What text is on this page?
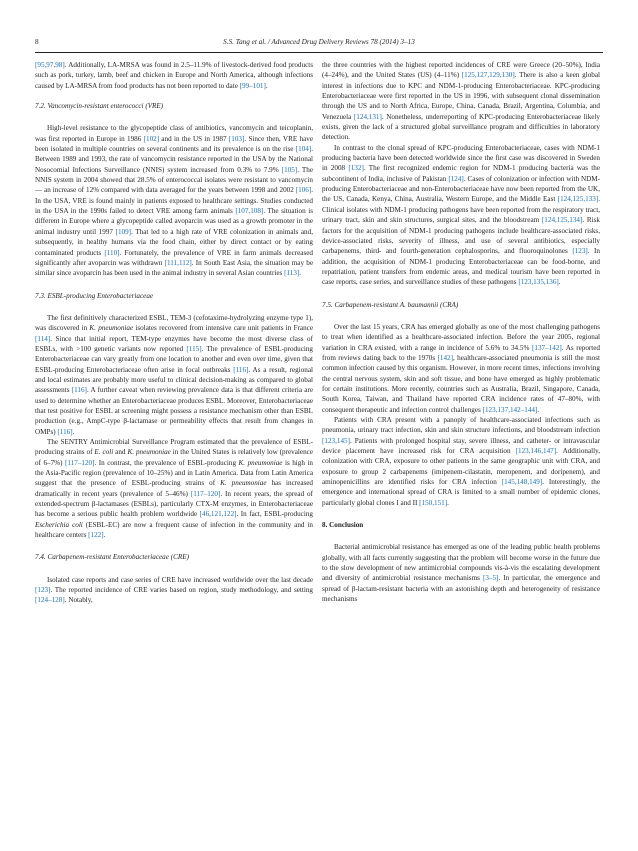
8	S.S. Tang et al. / Advanced Drug Delivery Reviews 78 (2014) 3–13

[95,97,98]. Additionally, LA-MRSA was found in 2.5–11.9% of livestock-derived food products such as pork, turkey, lamb, beef and chicken in Europe and North America, although infections caused by LA-MRSA from food products has not been reported to date [99–101].

7.2. Vancomycin-resistant enterococci (VRE)

High-level resistance to the glycopeptide class of antibiotics, vancomycin and teicoplanin, was first reported in Europe in 1986 [102] and in the US in 1987 [103]. Since then, VRE have been isolated in multiple countries on several continents and its prevalence is on the rise [104]. Between 1989 and 1993, the rate of vancomycin resistance reported in the USA by the National Nosocomial Infections Surveillance (NNIS) system increased from 0.3% to 7.9% [105]. The NNIS system in 2004 showed that 28.5% of enterococcal isolates were resistant to vancomycin — an increase of 12% compared with data averaged for the years between 1998 and 2002 [106]. In the USA, VRE is found mainly in patients exposed to healthcare settings. Studies conducted in the USA in the 1990s failed to detect VRE among farm animals [107,108]. The situation is different in Europe where a glycopeptide called avoparcin was used as a growth promoter in the animal industry until 1997 [109]. That led to a high rate of VRE colonization in animals and, subsequently, in healthy humans via the food chain, either by direct contact or by eating contaminated products [110]. Fortunately, the prevalence of VRE in farm animals decreased significantly after avoparcin was withdrawn [111,112]. In South East Asia, the situation may be similar since avoparcin has been used in the animal industry in several Asian countries [113].

7.3. ESBL-producing Enterobacteriaceae

The first definitively characterized ESBL, TEM-3 (cefotaxime-hydrolyzing enzyme type 1), was discovered in K. pneumoniae isolates recovered from intensive care unit patients in France [114]. Since that initial report, TEM-type enzymes have become the most diverse class of ESBLs, with >100 genetic variants now reported [115]. The prevalence of ESBL-producing Enterobacteriaceae can vary greatly from one location to another and even over time, given that ESBL-producing Enterobacteriaceae often arise in focal outbreaks [116]. As a result, regional and local estimates are probably more useful to clinical decision-making as compared to global assessments [116]. A further caveat when reviewing prevalence data is that different criteria are used to determine whether an Enterobacteriaceae produces ESBL. Moreover, Enterobacteriaceae that test positive for ESBL at screening might possess a resistance mechanism other than ESBL production (e.g., AmpC-type β-lactamase or permeability effects that result from changes in OMPs) [116].

The SENTRY Antimicrobial Surveillance Program estimated that the prevalence of ESBL-producing strains of E. coli and K. pneumoniae in the United States is relatively low (prevalence of 6–7%) [117–120]. In contrast, the prevalence of ESBL-producing K. pneumoniae is high in the Asia-Pacific region (prevalence of 10–25%) and in Latin America. Data from Latin America suggest that the presence of ESBL-producing strains of K. pneumoniae has increased dramatically in recent years (prevalence of 5–46%) [117–120]. In recent years, the spread of extended-spectrum β-lactamases (ESBLs), particularly CTX-M enzymes, in Enterobacteriaceae has become a serious public health problem worldwide [46,121,122]. In fact, ESBL-producing Escherichia coli (ESBL-EC) are now a frequent cause of infection in the community and in healthcare centers [122].

7.4. Carbapenem-resistant Enterobacteriaceae (CRE)

Isolated case reports and case series of CRE have increased worldwide over the last decade [123]. The reported incidence of CRE varies based on region, study methodology, and setting [124–128]. Notably,

the three countries with the highest reported incidences of CRE were Greece (20–50%), India (4–24%), and the United States (US) (4–11%) [125,127,129,130]. There is also a keen global interest in infections due to KPC and NDM-1-producing Enterobacteriaceae. KPC-producing Enterobacteriaceae were first reported in the US in 1996, with subsequent clonal dissemination through the US and to North Africa, Europe, China, Canada, Brazil, Argentina, Columbia, and Venezuela [124,131]. Nonetheless, underreporting of KPC-producing Enterobacteriaceae likely exists, given the lack of a structured global surveillance program and difficulties in laboratory detection.

In contrast to the clonal spread of KPC-producing Enterobacteriaceae, cases with NDM-1 producing bacteria have been detected worldwide since the first case was discovered in Sweden in 2008 [132]. The first recognized endemic region for NDM-1 producing bacteria was the subcontinent of India, inclusive of Pakistan [124]. Cases of colonization or infection with NDM-producing Enterobacteriaceae and non-Enterobacteriaceae have now been reported from the UK, the US, Canada, Kenya, China, Australia, Western Europe, and the Middle East [124,125,133]. Clinical isolates with NDM-1 producing pathogens have been reported from the respiratory tract, urinary tract, skin and skin structures, surgical sites, and the bloodstream [124,125,134]. Risk factors for the acquisition of NDM-1 producing pathogens include healthcare-associated risks, device-associated risks, severity of illness, and use of several antibiotics, especially carbapenems, third- and fourth-generation cephalosporins, and fluoroquinolones [123]. In addition, the acquisition of NDM-1 producing Enterobacteriaceae can be food-borne, and repatriation, patient transfers from endemic areas, and medical tourism have been reported in case reports, case series, and surveillance studies of these pathogens [123,135,136].

7.5. Carbapenem-resistant A. baumannii (CRA)

Over the last 15 years, CRA has emerged globally as one of the most challenging pathogens to treat when identified as a healthcare-associated infection. Before the year 2005, regional variation in CRA existed, with a range in incidence of 5.6% to 34.5% [137–142]. As reported from reviews dating back to the 1970s [142], healthcare-associated pneumonia is still the most common infection caused by this organism. However, in more recent times, infections involving the central nervous system, skin and soft tissue, and bone have emerged as highly problematic for certain institutions. More recently, countries such as Australia, Brazil, Singapore, Canada, South Korea, Taiwan, and Thailand have reported CRA incidence rates of 47–80%, with consequent therapeutic and infection control challenges [123,137,142–144].

Patients with CRA present with a panoply of healthcare-associated infections such as pneumonia, urinary tract infection, skin and skin structure infections, and bloodstream infection [123,145]. Patients with prolonged hospital stay, severe illness, and catheter- or intravascular device placement have increased risk for CRA acquisition [123,146,147]. Additionally, colonization with CRA, exposure to other patients in the same geographic unit with CRA, and exposure to group 2 carbapenems (imipenem-cilastatin, meropenem, and doripenem), and aminopenicillins are identified risks for CRA infection [145,148,149]. Interestingly, the emergence and international spread of CRA is limited to a small number of epidemic clones, particularly global clones I and II [150,151].

8. Conclusion

Bacterial antimicrobial resistance has emerged as one of the leading public health problems globally, with all facts currently suggesting that the problem will become worse in the future due to the slow development of new antimicrobial compounds vis-à-vis the escalating development and diversity of antimicrobial resistance mechanisms [3–5]. In particular, the emergence and spread of β-lactam-resistant bacteria with an astonishing depth and heterogeneity of resistance mechanisms
